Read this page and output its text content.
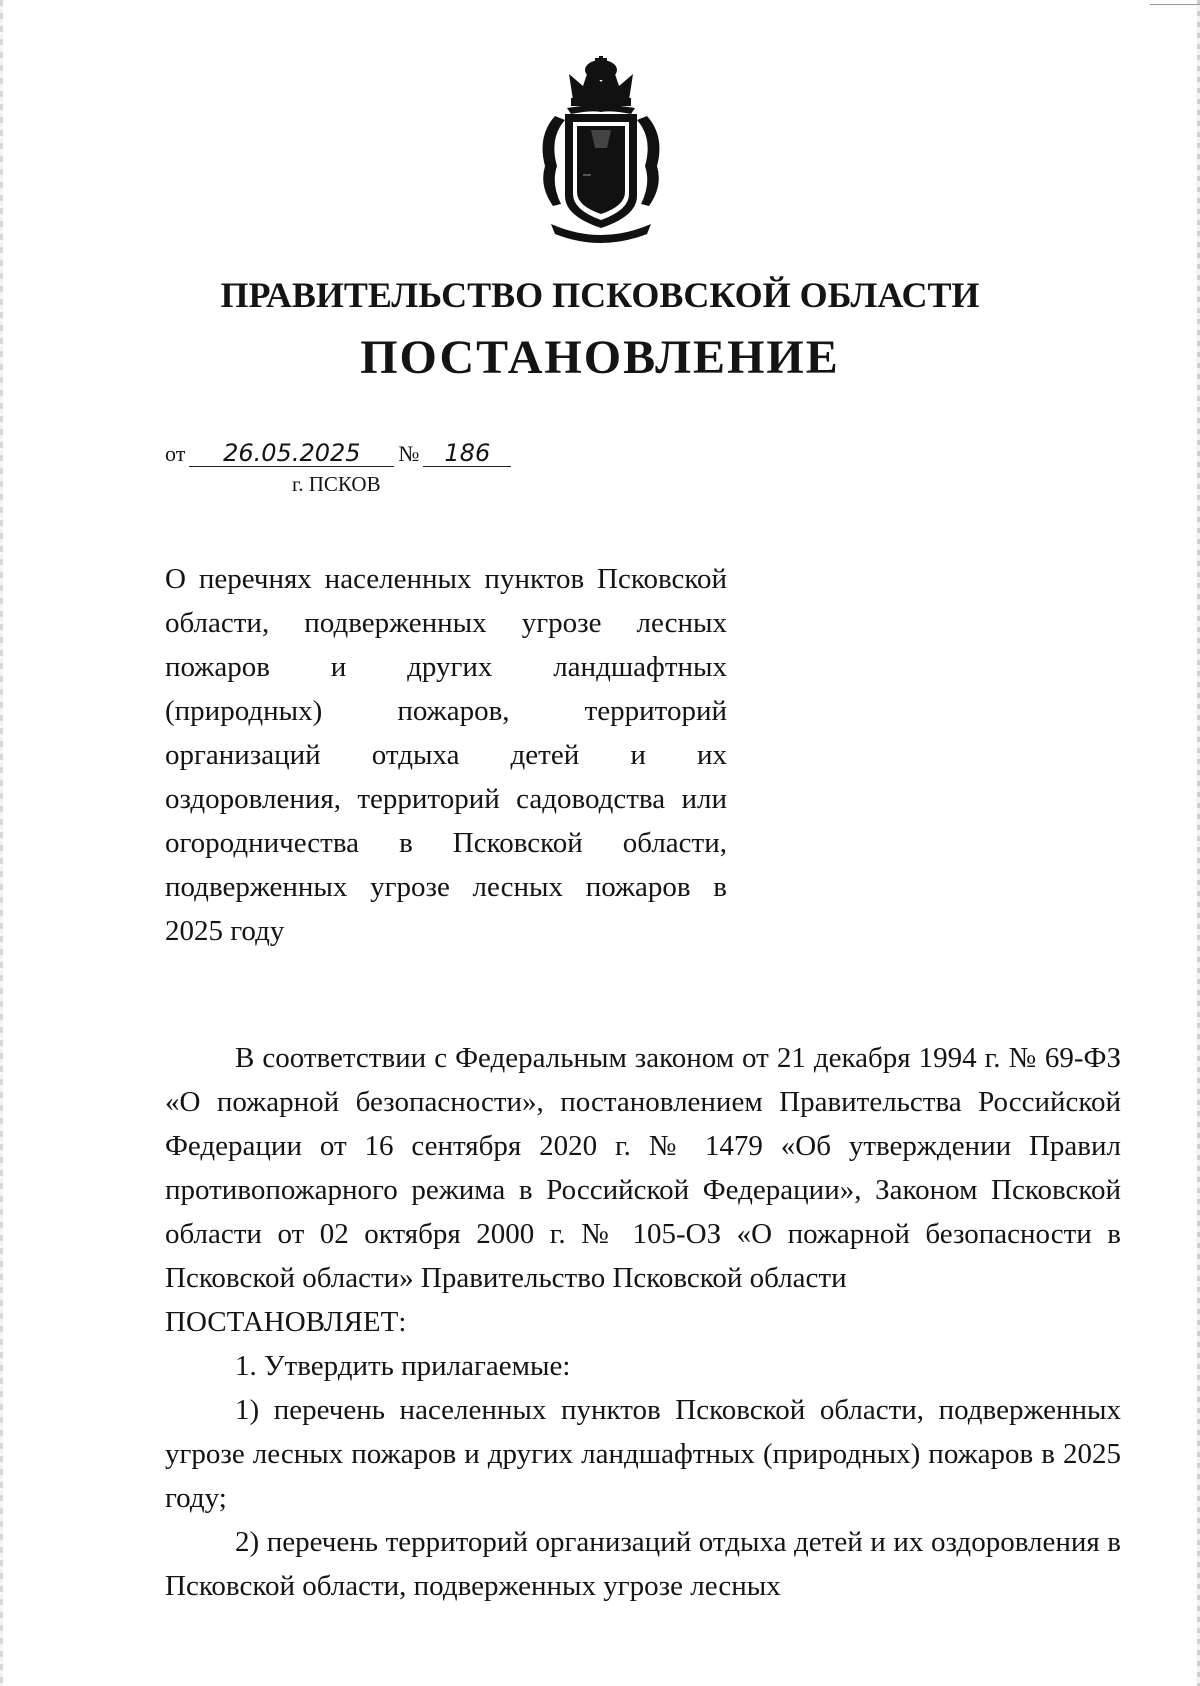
ПРАВИТЕЛЬСТВО ПСКОВСКОЙ ОБЛАСТИ
ПОСТАНОВЛЕНИЕ
от 26.05.2025 № 186
г. ПСКОВ
О перечнях населенных пунктов Псковской области, подверженных угрозе лесных пожаров и других ландшафтных (природных) пожаров, территорий организаций отдыха детей и их оздоровления, территорий садоводства или огородничества в Псковской области, подверженных угрозе лесных пожаров в 2025 году

В соответствии с Федеральным законом от 21 декабря 1994 г. № 69-ФЗ «О пожарной безопасности», постановлением Правительства Российской Федерации от 16 сентября 2020 г. № 1479 «Об утверждении Правил противопожарного режима в Российской Федерации», Законом Псковской области от 02 октября 2000 г. № 105-ОЗ «О пожарной безопасности в Псковской области» Правительство Псковской области

ПОСТАНОВЛЯЕТ:

1. Утвердить прилагаемые:

1) перечень населенных пунктов Псковской области, подверженных угрозе лесных пожаров и других ландшафтных (природных) пожаров в 2025 году;

2) перечень территорий организаций отдыха детей и их оздоровления в Псковской области, подверженных угрозе лесных
